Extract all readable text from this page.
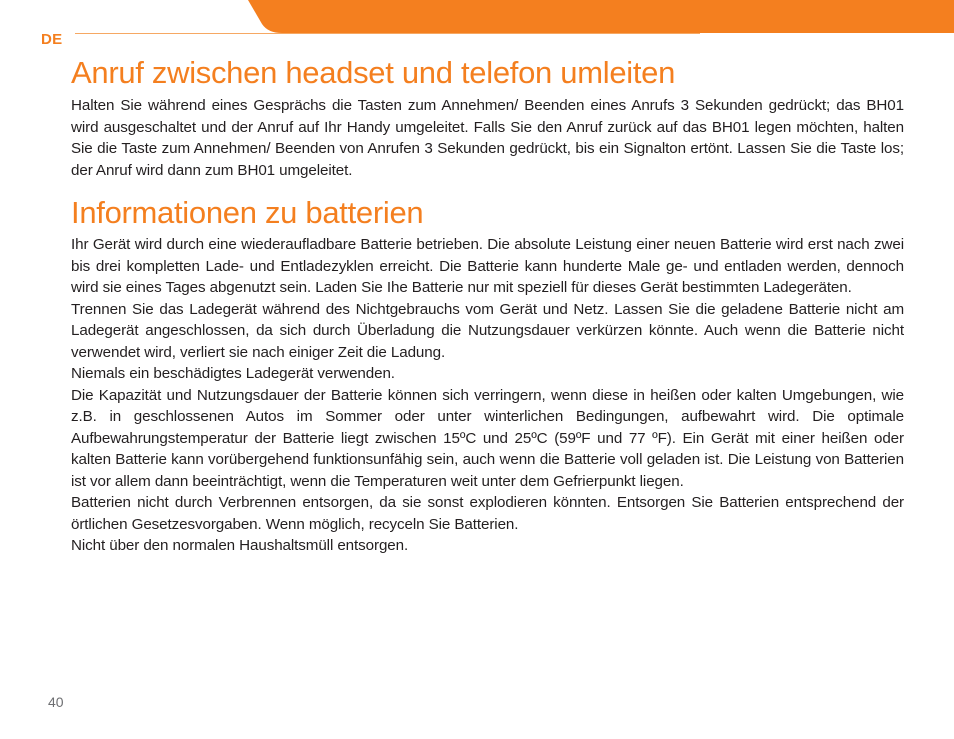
DE
Anruf zwischen headset und telefon umleiten

Halten Sie während eines Gesprächs die Tasten zum Annehmen/ Beenden eines Anrufs 3 Sekunden gedrückt; das BH01 wird ausgeschaltet und der Anruf auf Ihr Handy umgeleitet. Falls Sie den Anruf zurück auf das BH01 legen möchten, halten Sie die Taste zum Annehmen/ Beenden von Anrufen 3 Sekunden gedrückt, bis ein Signalton ertönt. Lassen Sie die Taste los; der Anruf wird dann zum BH01 umgeleitet.

Informationen zu batterien

Ihr Gerät wird durch eine wiederaufladbare Batterie betrieben. Die absolute Leistung einer neuen Batterie wird erst nach zwei bis drei kompletten Lade- und Entladezyklen erreicht. Die Batterie kann hunderte Male ge- und entladen werden, dennoch wird sie eines Tages abgenutzt sein. Laden Sie Ihe Batterie nur mit speziell für dieses Gerät bestimmten Ladegeräten.

Trennen Sie das Ladegerät während des Nichtgebrauchs vom Gerät und Netz. Lassen Sie die geladene Batterie nicht am Ladegerät angeschlossen, da sich durch Überladung die Nutzungsdauer verkürzen könnte. Auch wenn die Batterie nicht verwendet wird, verliert sie nach einiger Zeit die Ladung.

Niemals ein beschädigtes Ladegerät verwenden.

Die Kapazität und Nutzungsdauer der Batterie können sich verringern, wenn diese in heißen oder kalten Umgebungen, wie z.B. in geschlossenen Autos im Sommer oder unter winterlichen Bedingungen, aufbewahrt wird. Die optimale Aufbewahrungstemperatur der Batterie liegt zwischen 15ºC und 25ºC (59ºF und 77 ºF). Ein Gerät mit einer heißen oder kalten Batterie kann vorübergehend funktionsunfähig sein, auch wenn die Batterie voll geladen ist. Die Leistung von Batterien ist vor allem dann beeinträchtigt, wenn die Temperaturen weit unter dem Gefrierpunkt liegen.

Batterien nicht durch Verbrennen entsorgen, da sie sonst explodieren könnten. Entsorgen Sie Batterien entsprechend der örtlichen Gesetzesvorgaben. Wenn möglich, recyceln Sie Batterien.

Nicht über den normalen Haushaltsmüll entsorgen.

40
